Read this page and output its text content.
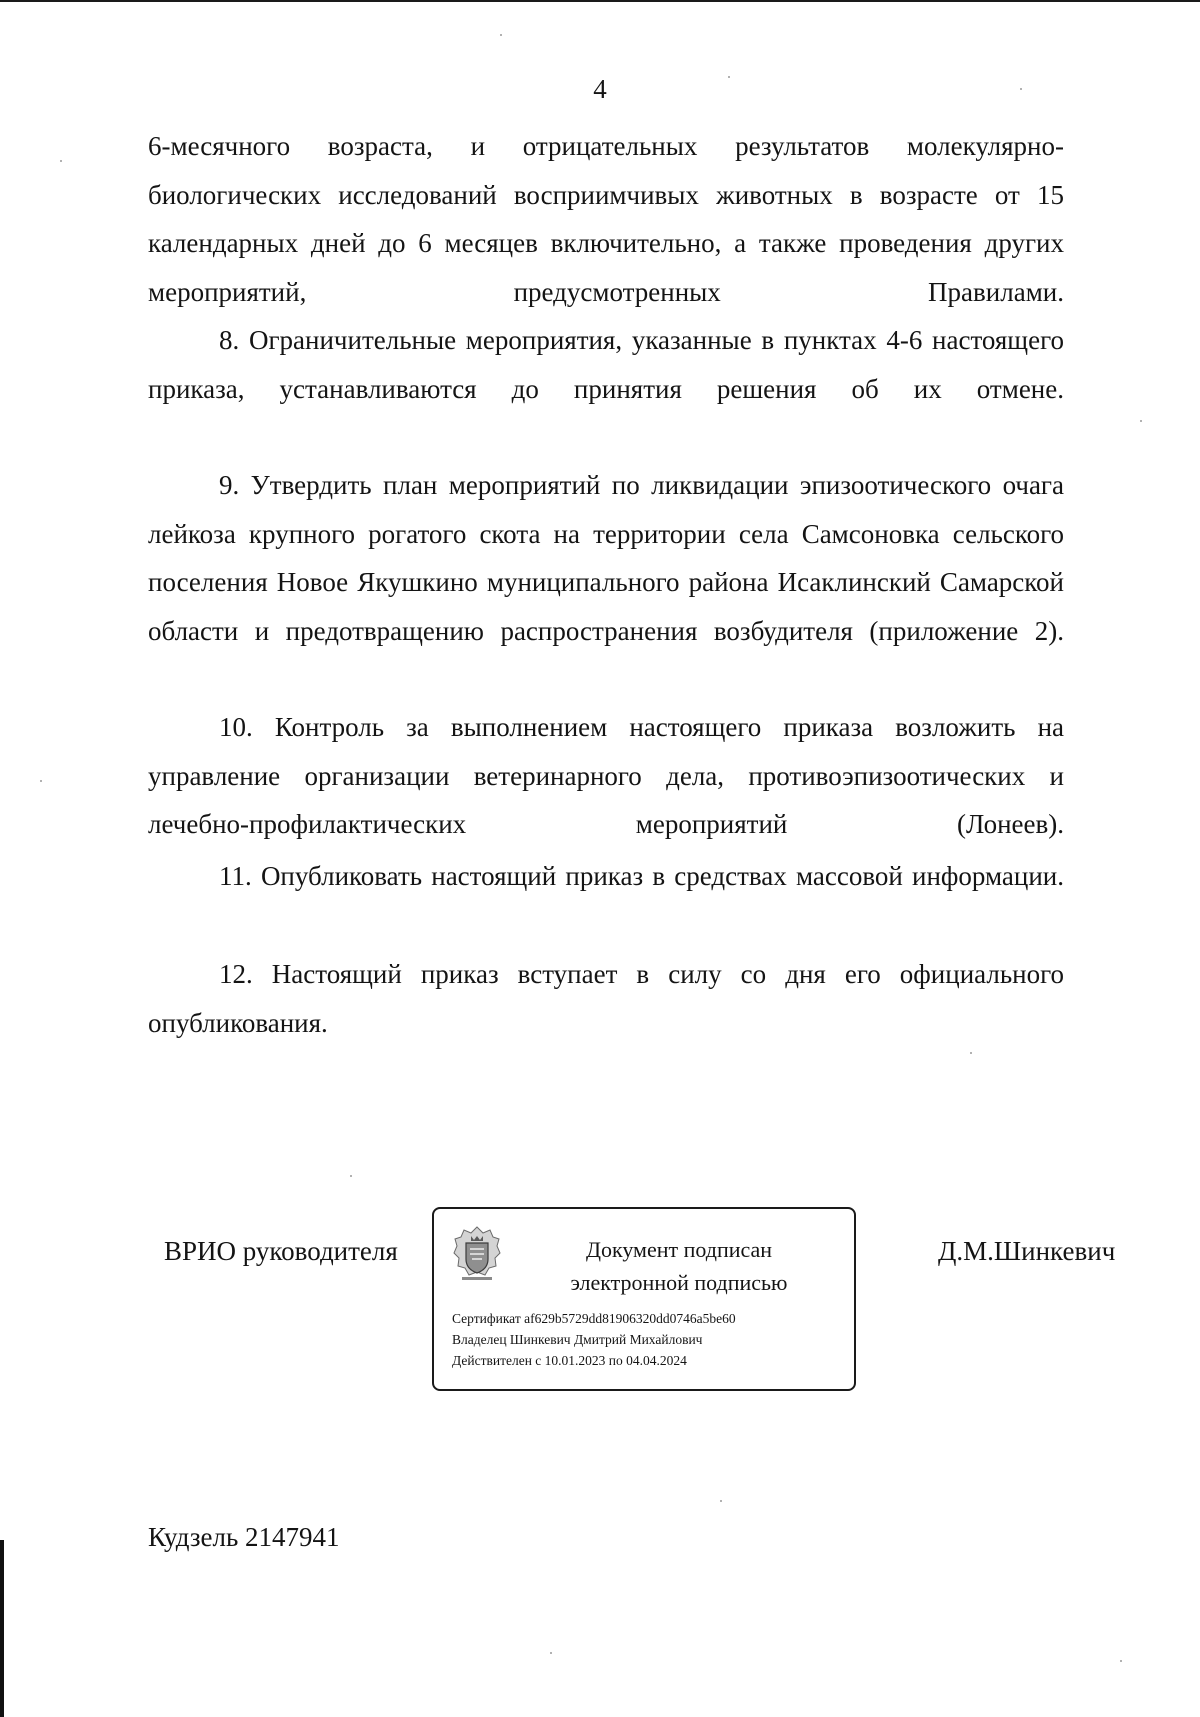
4

6-месячного возраста, и отрицательных результатов молекулярно-биологических исследований восприимчивых животных в возрасте от 15 календарных дней до 6 месяцев включительно, а также проведения других мероприятий, предусмотренных Правилами.

8. Ограничительные мероприятия, указанные в пунктах 4-6 настоящего приказа, устанавливаются до принятия решения об их отмене.

9. Утвердить план мероприятий по ликвидации эпизоотического очага лейкоза крупного рогатого скота на территории села Самсоновка сельского поселения Новое Якушкино муниципального района Исаклинский Самарской области и предотвращению распространения возбудителя (приложение 2).

10. Контроль за выполнением настоящего приказа возложить на управление организации ветеринарного дела, противоэпизоотических и лечебно-профилактических мероприятий (Лонеев).

11. Опубликовать настоящий приказ в средствах массовой информации.

12. Настоящий приказ вступает в силу со дня его официального опубликования.

ВРИО руководителя	Документ подписан
электронной подписью
Сертификат af629b5729dd81906320dd0746a5be60
Владелец Шинкевич Дмитрий Михайлович
Действителен с 10.01.2023 по 04.04.2024
Д.М.Шинкевич
Кудзель 2147941
